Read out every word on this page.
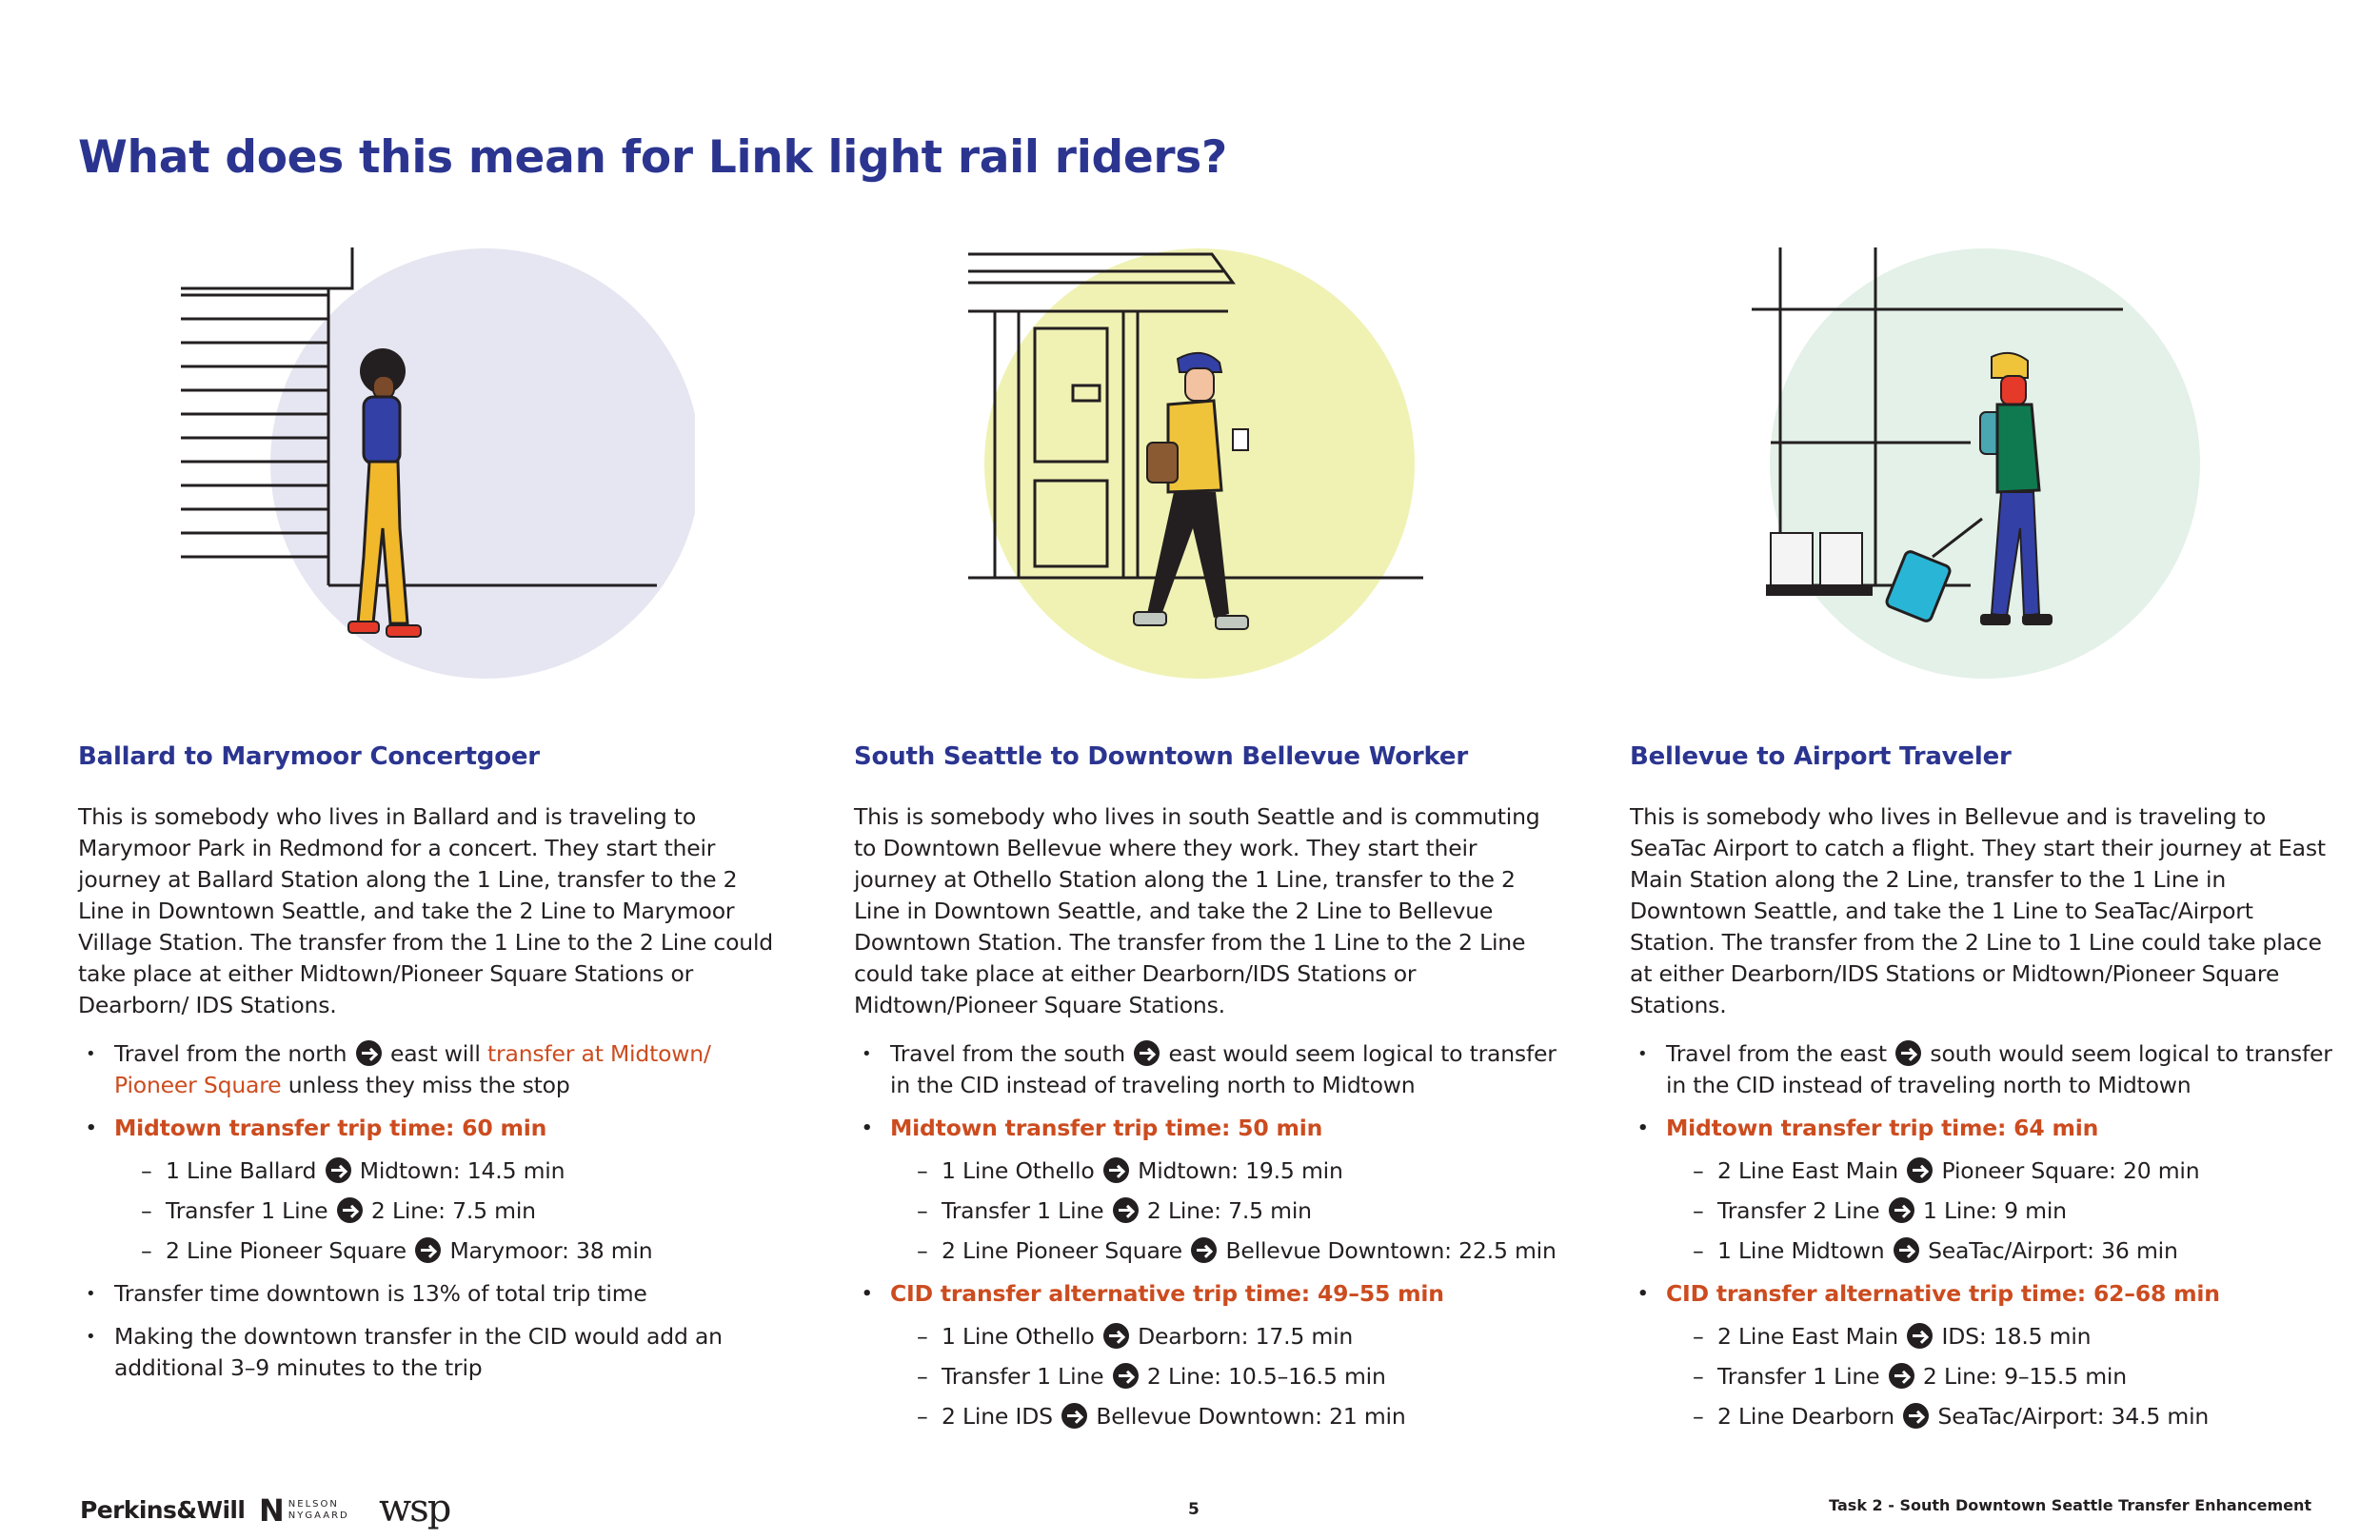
What does this mean for Link light rail riders?
Ballard to Marymoor Concertgoer

This is somebody who lives in Ballard and is traveling to Marymoor Park in Redmond for a concert. They start their journey at Ballard Station along the 1 Line, transfer to the 2 Line in Downtown Seattle, and take the 2 Line to Marymoor Village Station. The transfer from the 1 Line to the 2 Line could take place at either Midtown/Pioneer Square Stations or Dearborn/ IDS Stations.

• Travel from the north east will transfer at Midtown/ Pioneer Square unless they miss the stop
• Midtown transfer trip time: 60 min
– 1 Line Ballard Midtown: 14.5 min
– Transfer 1 Line 2 Line: 7.5 min
– 2 Line Pioneer Square Marymoor: 38 min
• Transfer time downtown is 13% of total trip time
• Making the downtown transfer in the CID would add an additional 3–9 minutes to the trip
South Seattle to Downtown Bellevue Worker

This is somebody who lives in south Seattle and is commuting to Downtown Bellevue where they work. They start their journey at Othello Station along the 1 Line, transfer to the 2 Line in Downtown Seattle, and take the 2 Line to Bellevue Downtown Station. The transfer from the 1 Line to the 2 Line could take place at either Dearborn/IDS Stations or Midtown/Pioneer Square Stations.

• Travel from the south east would seem logical to transfer in the CID instead of traveling north to Midtown
• Midtown transfer trip time: 50 min
– 1 Line Othello Midtown: 19.5 min
– Transfer 1 Line 2 Line: 7.5 min
– 2 Line Pioneer Square Bellevue Downtown: 22.5 min
• CID transfer alternative trip time: 49–55 min
– 1 Line Othello Dearborn: 17.5 min
– Transfer 1 Line 2 Line: 10.5–16.5 min
– 2 Line IDS Bellevue Downtown: 21 min
Bellevue to Airport Traveler

This is somebody who lives in Bellevue and is traveling to SeaTac Airport to catch a flight. They start their journey at East Main Station along the 2 Line, transfer to the 1 Line in Downtown Seattle, and take the 1 Line to SeaTac/Airport Station. The transfer from the 2 Line to 1 Line could take place at either Dearborn/IDS Stations or Midtown/Pioneer Square Stations.

• Travel from the east south would seem logical to transfer in the CID instead of traveling north to Midtown
• Midtown transfer trip time: 64 min
– 2 Line East Main Pioneer Square: 20 min
– Transfer 2 Line 1 Line: 9 min
– 1 Line Midtown SeaTac/Airport: 36 min
• CID transfer alternative trip time: 62–68 min
– 2 Line East Main IDS: 18.5 min
– Transfer 1 Line 2 Line: 9–15.5 min
– 2 Line Dearborn SeaTac/Airport: 34.5 min
Perkins&Will N NELSON
NYGAARD wsp	5	Task 2 - South Downtown Seattle Transfer Enhancement
